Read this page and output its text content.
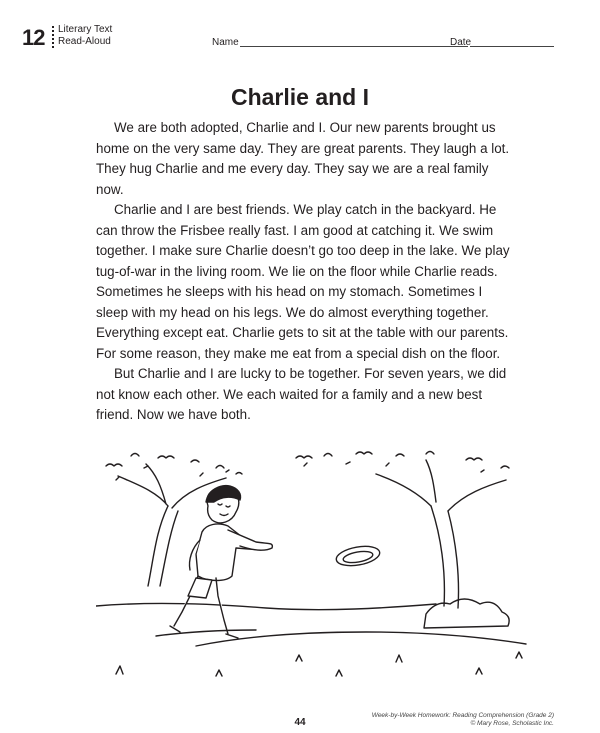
12 Literary Text
Read-Aloud	Name	Date
Charlie and I

We are both adopted, Charlie and I. Our new parents brought us home on the very same day. They are great parents. They laugh a lot. They hug Charlie and me every day. They say we are a real family now.

Charlie and I are best friends. We play catch in the backyard. He can throw the Frisbee really fast. I am good at catching it. We swim together. I make sure Charlie doesn’t go too deep in the lake. We play tug-of-war in the living room. We lie on the floor while Charlie reads. Sometimes he sleeps with his head on my stomach. Sometimes I sleep with my head on his legs. We do almost everything together. Everything except eat. Charlie gets to sit at the table with our parents. For some reason, they make me eat from a special dish on the floor.

But Charlie and I are lucky to be together. For seven years, we did not know each other. We each waited for a family and a new best friend. Now we have both.

44
Week-by-Week Homework: Reading Comprehension (Grade 2)
© Mary Rose, Scholastic Inc.
